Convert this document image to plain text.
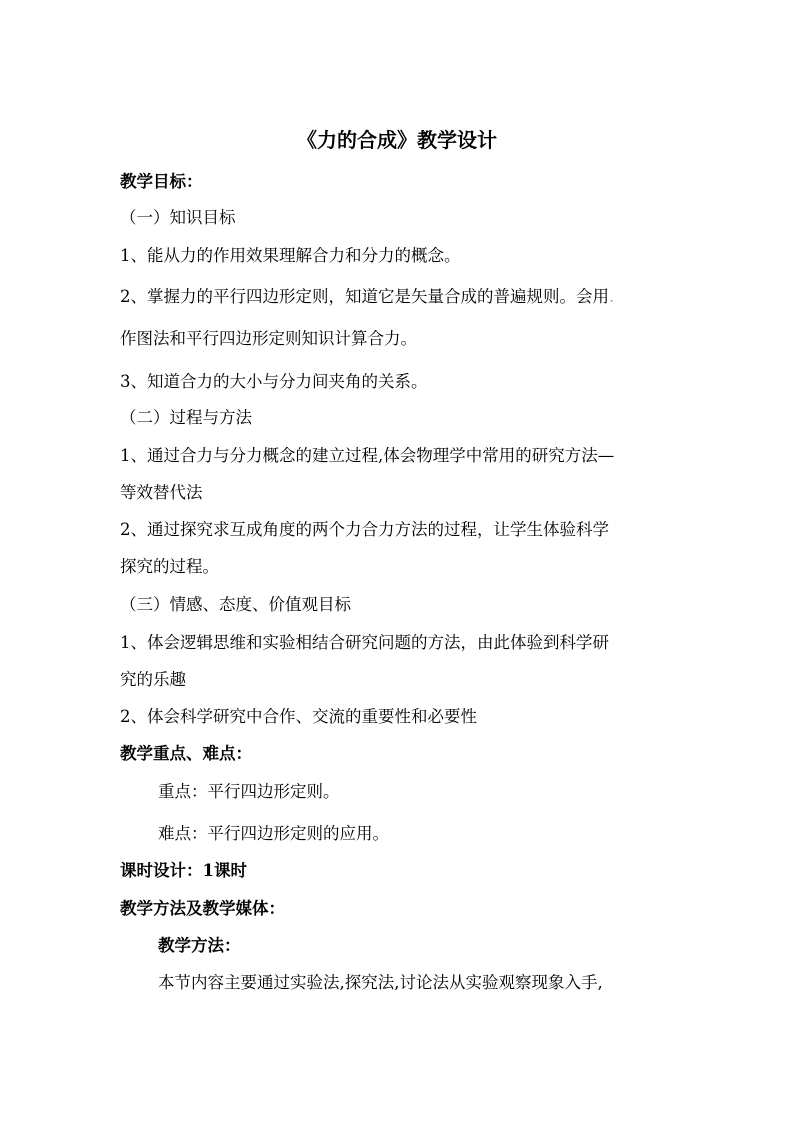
《力的合成》教学设计
教学目标：
（一）知识目标
1、能从力的作用效果理解合力和分力的概念。
2、掌握力的平行四边形定则，知道它是矢量合成的普遍规则。会用.
作图法和平行四边形定则知识计算合力。
3、知道合力的大小与分力间夹角的关系。
（二）过程与方法
1、通过合力与分力概念的建立过程,体会物理学中常用的研究方法—
等效替代法
2、通过探究求互成角度的两个力合力方法的过程，让学生体验科学
探究的过程。
（三）情感、态度、价值观目标
1、体会逻辑思维和实验相结合研究问题的方法，由此体验到科学研
究的乐趣
2、体会科学研究中合作、交流的重要性和必要性
教学重点、难点：
重点：平行四边形定则。
难点：平行四边形定则的应用。
课时设计：1课时
教学方法及教学媒体：
教学方法：
本节内容主要通过实验法,探究法,讨论法从实验观察现象入手,
